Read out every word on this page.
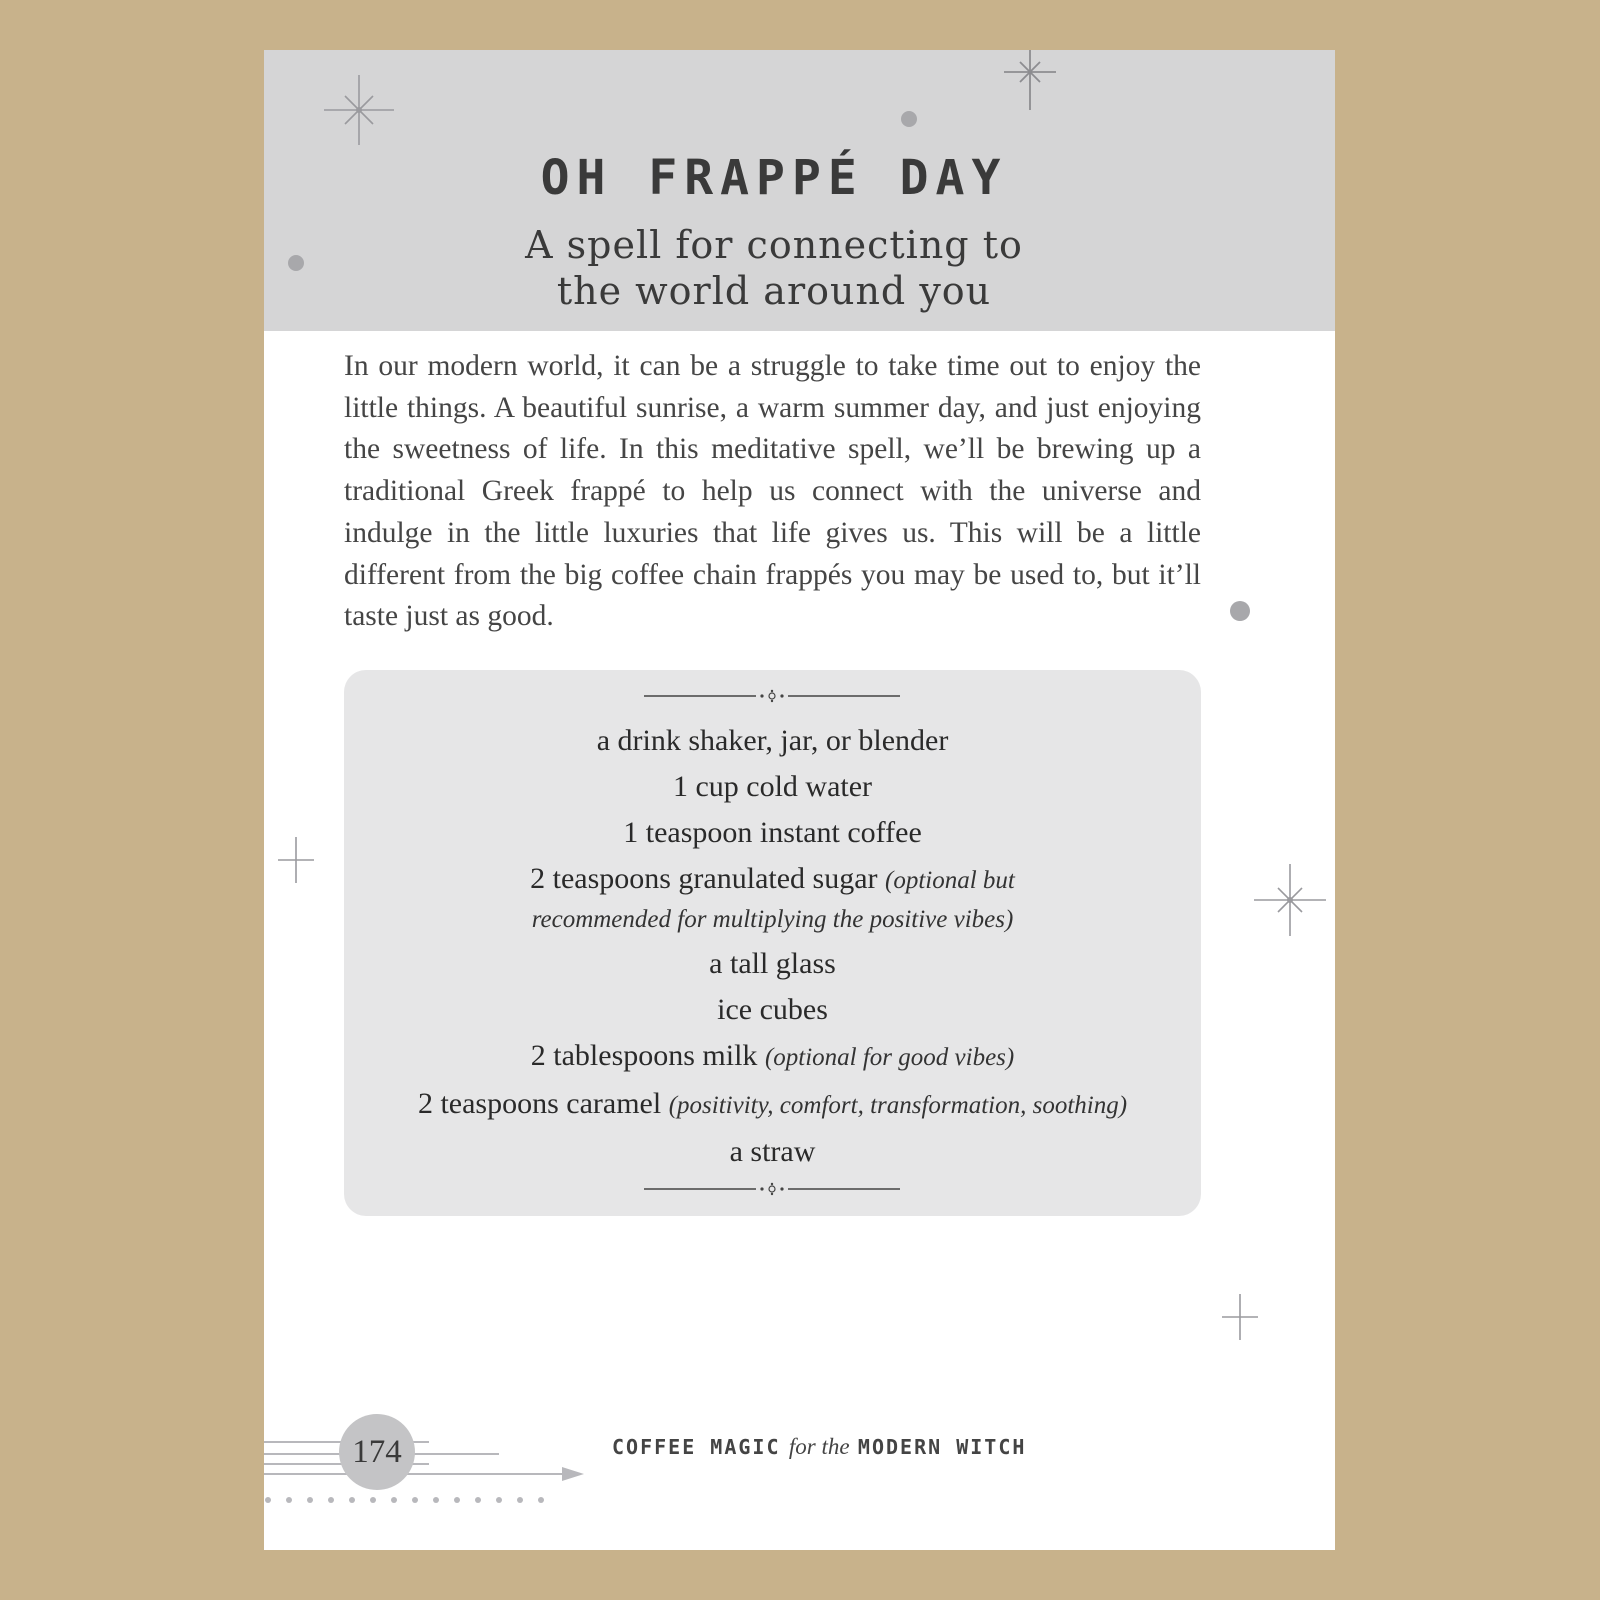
OH FRAPPÉ DAY
A spell for connecting to
the world around you

In our modern world, it can be a struggle to take time out to enjoy the little things. A beautiful sunrise, a warm summer day, and just enjoying the sweetness of life. In this meditative spell, we’ll be brewing up a traditional Greek frappé to help us connect with the universe and indulge in the little luxuries that life gives us. This will be a little different from the big coffee chain frappés you may be used to, but it’ll taste just as good.

a drink shaker, jar, or blender
1 cup cold water
1 teaspoon instant coffee
2 teaspoons granulated sugar (optional but
recommended for multiplying the positive vibes)
a tall glass
ice cubes
2 tablespoons milk (optional for good vibes)
2 teaspoons caramel (positivity, comfort, transformation, soothing)
a straw
174	COFFEE MAGIC for the MODERN WITCH
